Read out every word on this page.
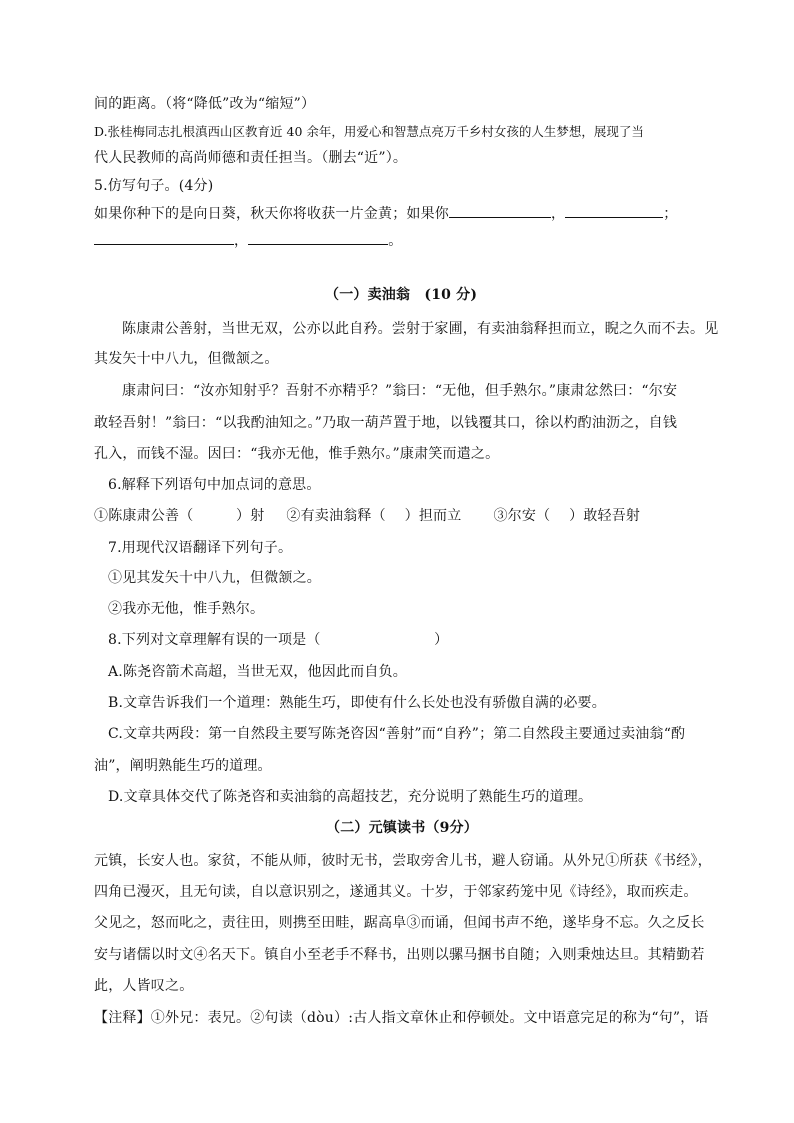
间的距离。（将“降低”改为“缩短”）
D.张桂梅同志扎根滇西山区教育近 40 余年，用爱心和智慧点亮万千乡村女孩的人生梦想，展现了当
代人民教师的高尚师德和责任担当。（删去“近”）。
5.仿写句子。(4分)
如果你种下的是向日葵，秋天你将收获一片金黄；如果你	，	；
，	。
（一）卖油翁　(10 分)
陈康肃公善射，当世无双，公亦以此自矜。尝射于家圃，有卖油翁释担而立，睨之久而不去。见
其发矢十中八九，但微颔之。
康肃问曰：“汝亦知射乎？吾射不亦精乎？”翁曰：“无他，但手熟尔。”康肃忿然曰：“尔安
敢轻吾射！”翁曰：“以我酌油知之。”乃取一葫芦置于地，以钱覆其口，徐以杓酌油沥之，自钱
孔入，而钱不湿。因曰：“我亦无他，惟手熟尔。”康肃笑而遣之。
6.解释下列语句中加点词的意思。
①陈康肃公善（　　　）射 ②有卖油翁释（　 ）担而立 ③尔安（　 ）敢轻吾射
7.用现代汉语翻译下列句子。
①见其发矢十中八九，但微颔之。
②我亦无他，惟手熟尔。
8.下列对文章理解有误的一项是（　　　　　　　　）
A.陈尧咨箭术高超，当世无双，他因此而自负。
B.文章告诉我们一个道理：熟能生巧，即使有什么长处也没有骄傲自满的必要。
C.文章共两段：第一自然段主要写陈尧咨因“善射”而“自矜”；第二自然段主要通过卖油翁“酌
油”，阐明熟能生巧的道理。
D.文章具体交代了陈尧咨和卖油翁的高超技艺，充分说明了熟能生巧的道理。
（二）元镇读书（9分）
元镇，长安人也。家贫，不能从师，彼时无书，尝取旁舍儿书，避人窃诵。从外兄①所获《书经》，
四角已漫灭，且无句读，自以意识别之，遂通其义。十岁，于邻家药笼中见《诗经》，取而疾走。
父见之，怒而叱之，责往田，则携至田畦，踞高阜③而诵，但闻书声不绝，遂毕身不忘。久之反长
安与诸儒以时文④名天下。镇自小至老手不释书，出则以骡马捆书自随；入则秉烛达旦。其精勤若
此，人皆叹之。
【注释】①外兄：表兄。②句读（dòu）:古人指文章休止和停顿处。文中语意完足的称为“句”，语
